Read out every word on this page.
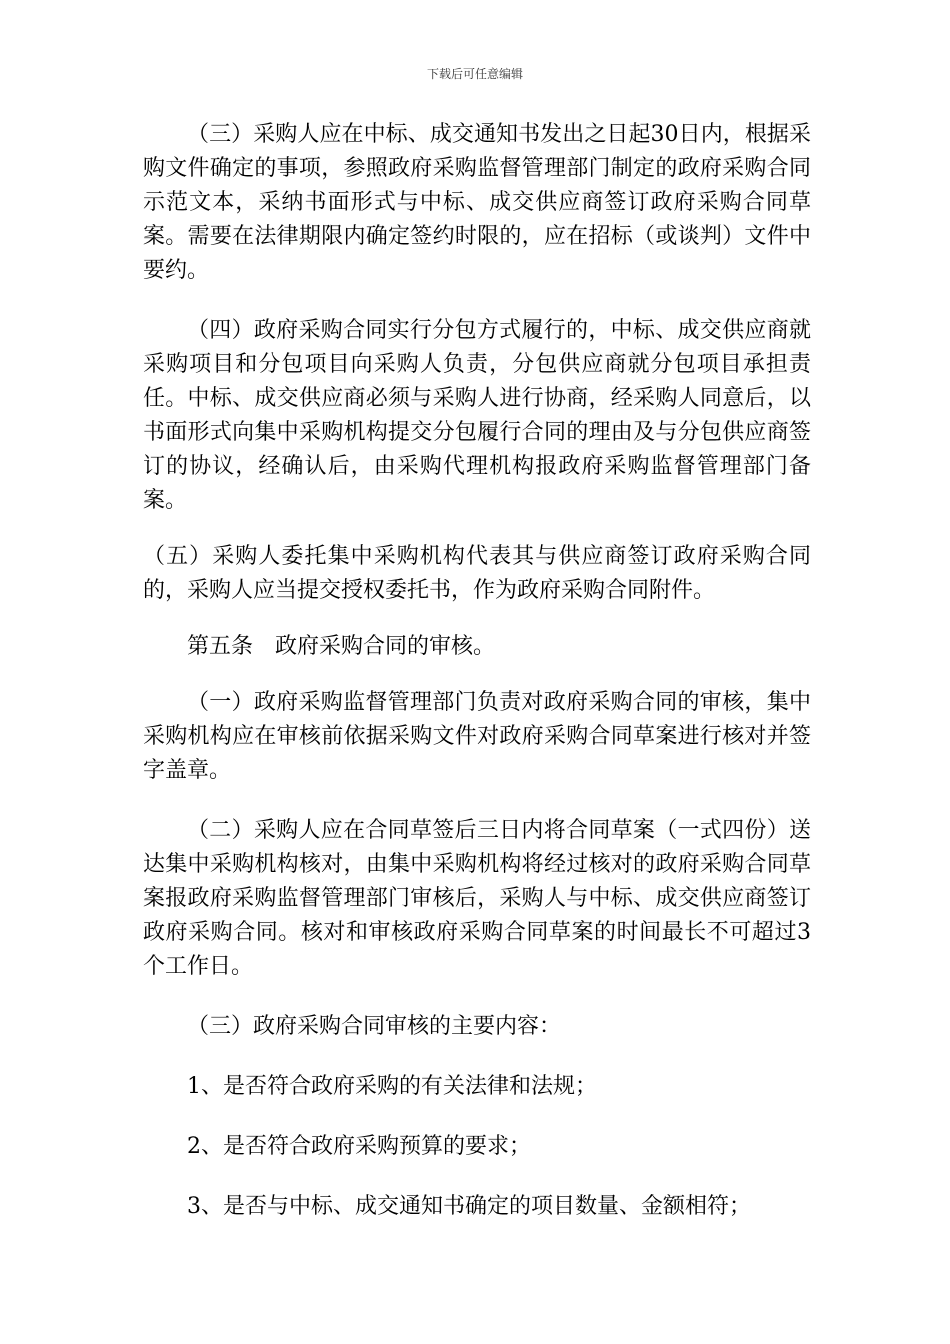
下载后可任意编辑

（三）采购人应在中标、成交通知书发出之日起30日内，根据采购文件确定的事项，参照政府采购监督管理部门制定的政府采购合同示范文本，采纳书面形式与中标、成交供应商签订政府采购合同草案。需要在法律期限内确定签约时限的，应在招标（或谈判）文件中要约。

（四）政府采购合同实行分包方式履行的，中标、成交供应商就采购项目和分包项目向采购人负责，分包供应商就分包项目承担责任。中标、成交供应商必须与采购人进行协商，经采购人同意后，以书面形式向集中采购机构提交分包履行合同的理由及与分包供应商签订的协议，经确认后，由采购代理机构报政府采购监督管理部门备案。

（五）采购人委托集中采购机构代表其与供应商签订政府采购合同的，采购人应当提交授权委托书，作为政府采购合同附件。

第五条　政府采购合同的审核。

（一）政府采购监督管理部门负责对政府采购合同的审核，集中采购机构应在审核前依据采购文件对政府采购合同草案进行核对并签字盖章。

（二）采购人应在合同草签后三日内将合同草案（一式四份）送达集中采购机构核对，由集中采购机构将经过核对的政府采购合同草案报政府采购监督管理部门审核后，采购人与中标、成交供应商签订政府采购合同。核对和审核政府采购合同草案的时间最长不可超过3个工作日。

（三）政府采购合同审核的主要内容：

1、是否符合政府采购的有关法律和法规；

2、是否符合政府采购预算的要求；

3、是否与中标、成交通知书确定的项目数量、金额相符；
